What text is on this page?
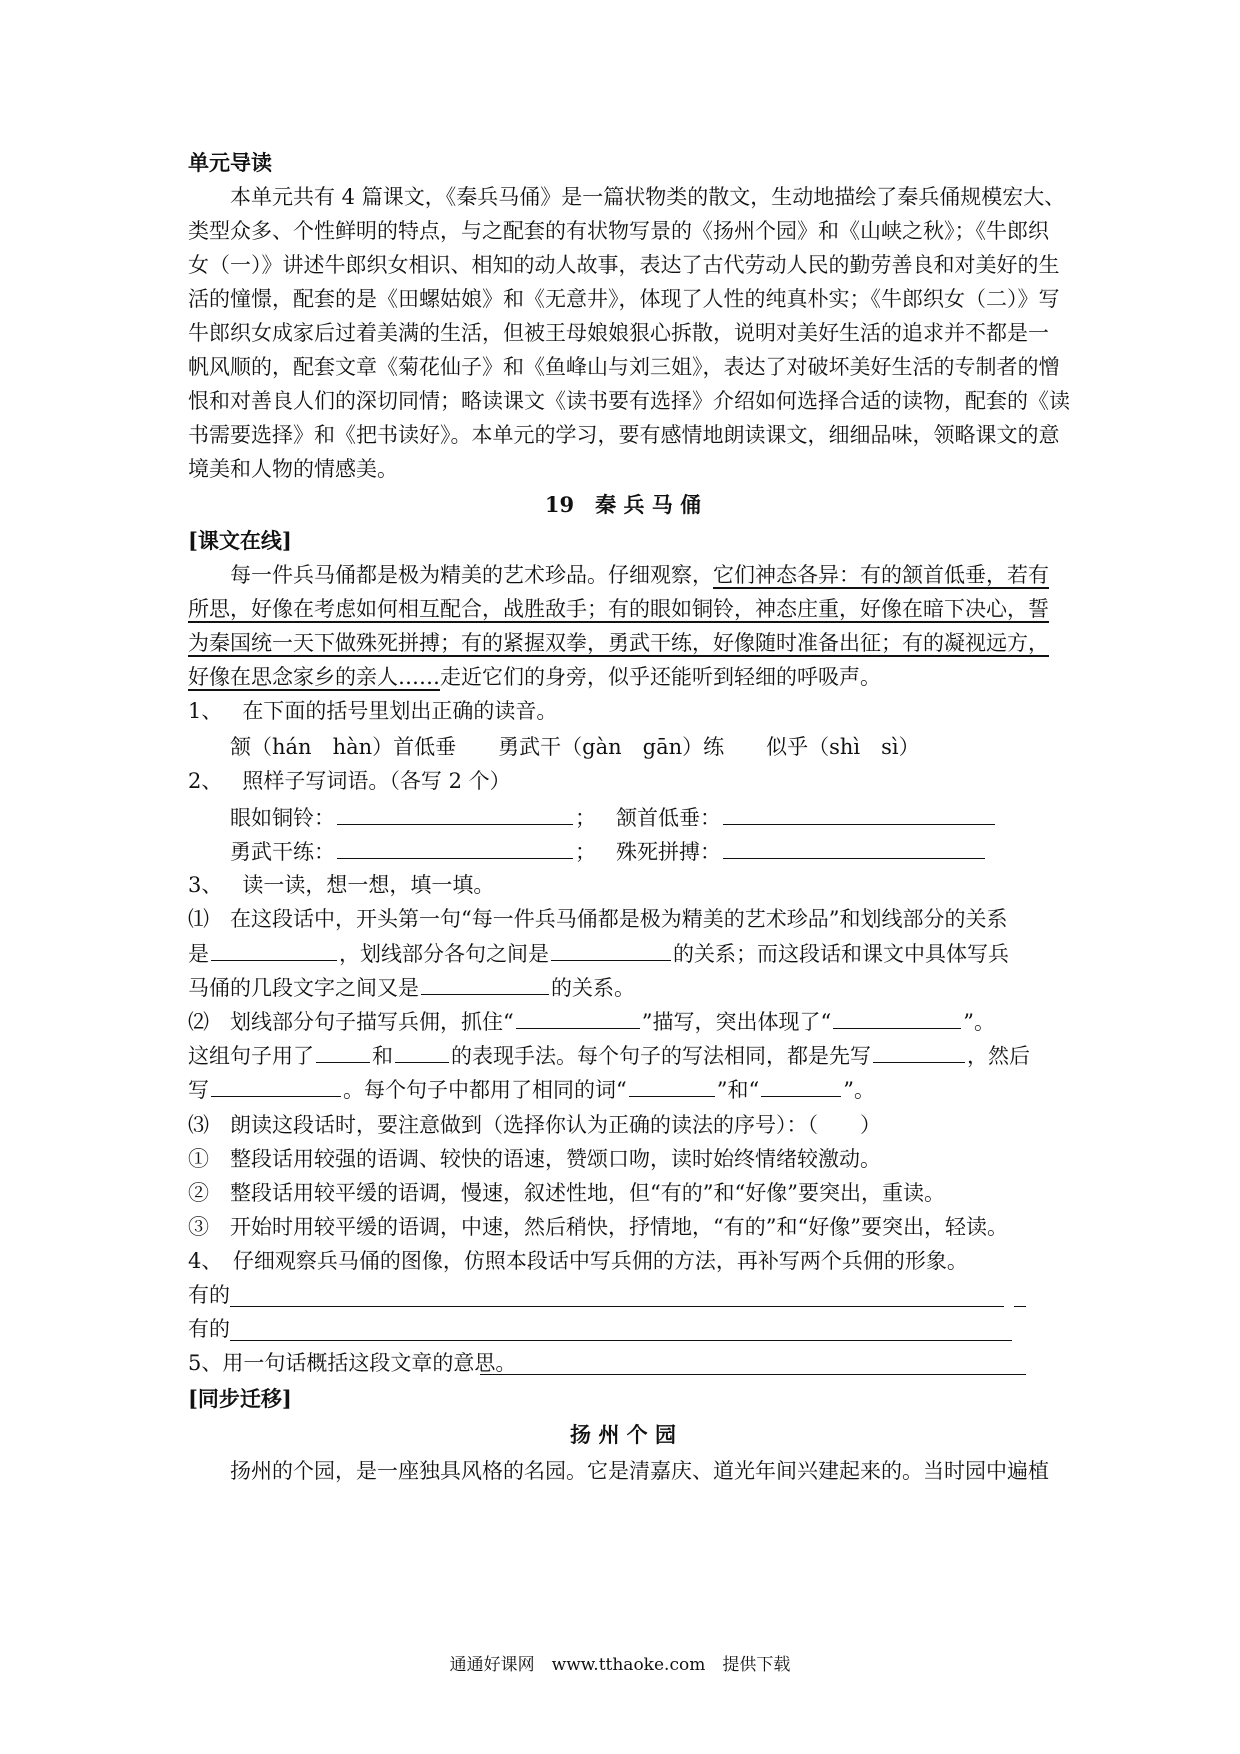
单元导读
本单元共有 4 篇课文，《秦兵马俑》是一篇状物类的散文，生动地描绘了秦兵俑规模宏大、
类型众多、个性鲜明的特点，与之配套的有状物写景的《扬州个园》和《山峡之秋》；《牛郎织
女（一）》讲述牛郎织女相识、相知的动人故事，表达了古代劳动人民的勤劳善良和对美好的生
活的憧憬，配套的是《田螺姑娘》和《无意井》，体现了人性的纯真朴实；《牛郎织女（二）》写
牛郎织女成家后过着美满的生活，但被王母娘娘狠心拆散，说明对美好生活的追求并不都是一
帆风顺的，配套文章《菊花仙子》和《鱼峰山与刘三姐》，表达了对破坏美好生活的专制者的憎
恨和对善良人们的深切同情；略读课文《读书要有选择》介绍如何选择合适的读物，配套的《读
书需要选择》和《把书读好》。本单元的学习，要有感情地朗读课文，细细品味，领略课文的意
境美和人物的情感美。
19　秦 兵 马 俑
[课文在线]
每一件兵马俑都是极为精美的艺术珍品。仔细观察，它们神态各异：有的颔首低垂，若有
所思，好像在考虑如何相互配合，战胜敌手；有的眼如铜铃，神态庄重，好像在暗下决心，誓
为秦国统一天下做殊死拼搏；有的紧握双拳，勇武干练，好像随时准备出征；有的凝视远方，
好像在思念家乡的亲人……走近它们的身旁，似乎还能听到轻细的呼吸声。
1、 在下面的括号里划出正确的读音。
颔（hán　hàn）首低垂　　勇武干（gàn　gān）练　　似乎（shì　sì）
2、 照样子写词语。（各写 2 个）
眼如铜铃：	； 颔首低垂：
勇武干练：	； 殊死拼搏：
3、 读一读，想一想，填一填。
⑴　在这段话中，开头第一句“每一件兵马俑都是极为精美的艺术珍品”和划线部分的关系
是	，划线部分各句之间是	的关系；而这段话和课文中具体写兵
马俑的几段文字之间又是	的关系。
⑵　划线部分句子描写兵佣，抓住“	”描写，突出体现了“	”。
这组句子用了	和	的表现手法。每个句子的写法相同，都是先写	，然后
写	。每个句子中都用了相同的词“	”和“	”。
⑶　朗读这段话时，要注意做到（选择你认为正确的读法的序号）：（　　）
①　整段话用较强的语调、较快的语速，赞颂口吻，读时始终情绪较激动。
②　整段话用较平缓的语调，慢速，叙述性地，但“有的”和“好像”要突出，重读。
③　开始时用较平缓的语调，中速，然后稍快，抒情地，“有的”和“好像”要突出，轻读。
4、　仔细观察兵马俑的图像，仿照本段话中写兵佣的方法，再补写两个兵佣的形象。
有的
有的
5、用一句话概括这段文章的意思。
[同步迁移]
扬 州 个 园
扬州的个园，是一座独具风格的名园。它是清嘉庆、道光年间兴建起来的。当时园中遍植
通通好课网　www.tthaoke.com　提供下载
